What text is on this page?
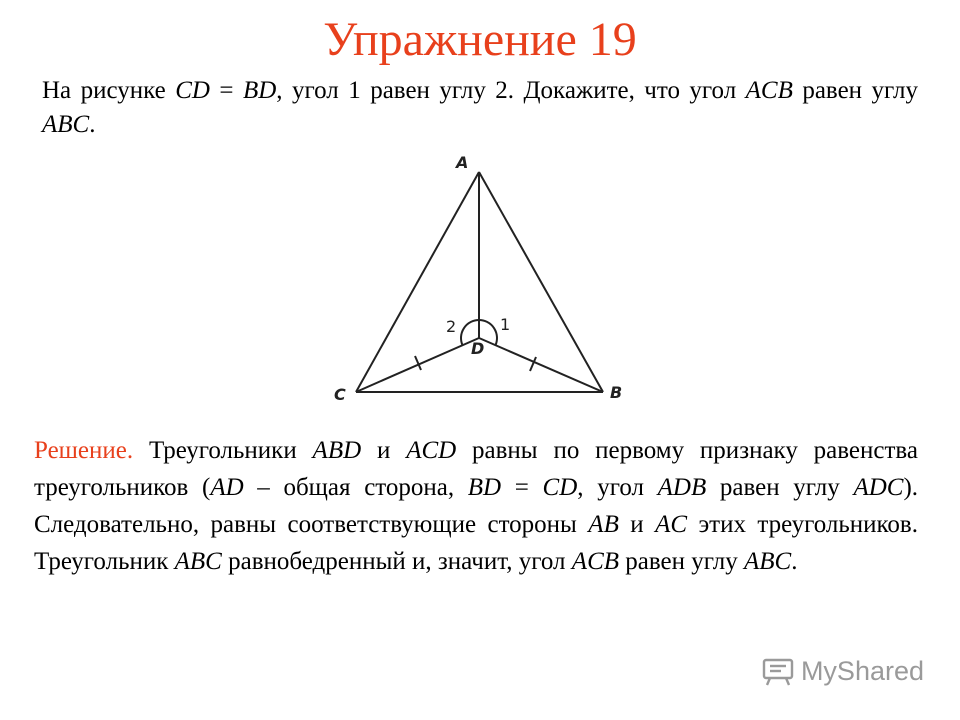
Упражнение 19
На рисунке CD = BD, угол 1 равен углу 2. Докажите, что угол ACB равен углу ABC.
A
C	B
D
1
2
Решение. Треугольники ABD и ACD равны по первому признаку равенства треугольников (AD – общая сторона, BD = CD, угол ADB равен углу ADC). Следовательно, равны соответствующие стороны AB и AC этих треугольников. Треугольник ABC равнобедренный и, значит, угол ACB равен углу ABC.
MyShared
